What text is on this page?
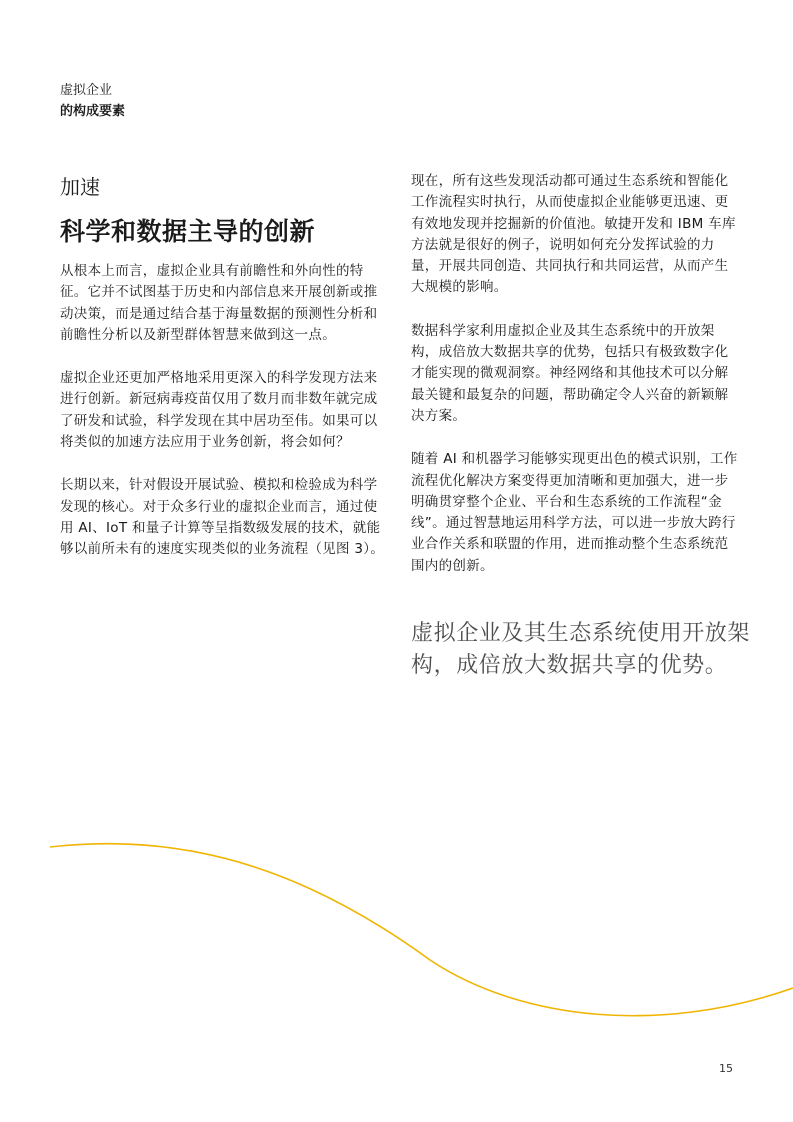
虚拟企业
的构成要素
加速
科学和数据主导的创新

从根本上而言，虚拟企业具有前瞻性和外向性的特征。它并不试图基于历史和内部信息来开展创新或推动决策，而是通过结合基于海量数据的预测性分析和前瞻性分析以及新型群体智慧来做到这一点。

虚拟企业还更加严格地采用更深入的科学发现方法来进行创新。新冠病毒疫苗仅用了数月而非数年就完成了研发和试验，科学发现在其中居功至伟。如果可以将类似的加速方法应用于业务创新，将会如何？

长期以来，针对假设开展试验、模拟和检验成为科学发现的核心。对于众多行业的虚拟企业而言，通过使用 AI、IoT 和量子计算等呈指数级发展的技术，就能够以前所未有的速度实现类似的业务流程（见图 3）。

现在，所有这些发现活动都可通过生态系统和智能化工作流程实时执行，从而使虚拟企业能够更迅速、更有效地发现并挖掘新的价值池。敏捷开发和 IBM 车库方法就是很好的例子，说明如何充分发挥试验的力量，开展共同创造、共同执行和共同运营，从而产生大规模的影响。

数据科学家利用虚拟企业及其生态系统中的开放架构，成倍放大数据共享的优势，包括只有极致数字化才能实现的微观洞察。神经网络和其他技术可以分解最关键和最复杂的问题，帮助确定令人兴奋的新颖解决方案。

随着 AI 和机器学习能够实现更出色的模式识别，工作流程优化解决方案变得更加清晰和更加强大，进一步明确贯穿整个企业、平台和生态系统的工作流程“金线”。通过智慧地运用科学方法，可以进一步放大跨行业合作关系和联盟的作用，进而推动整个生态系统范围内的创新。

虚拟企业及其生态系统使用开放架构，成倍放大数据共享的优势。
15
